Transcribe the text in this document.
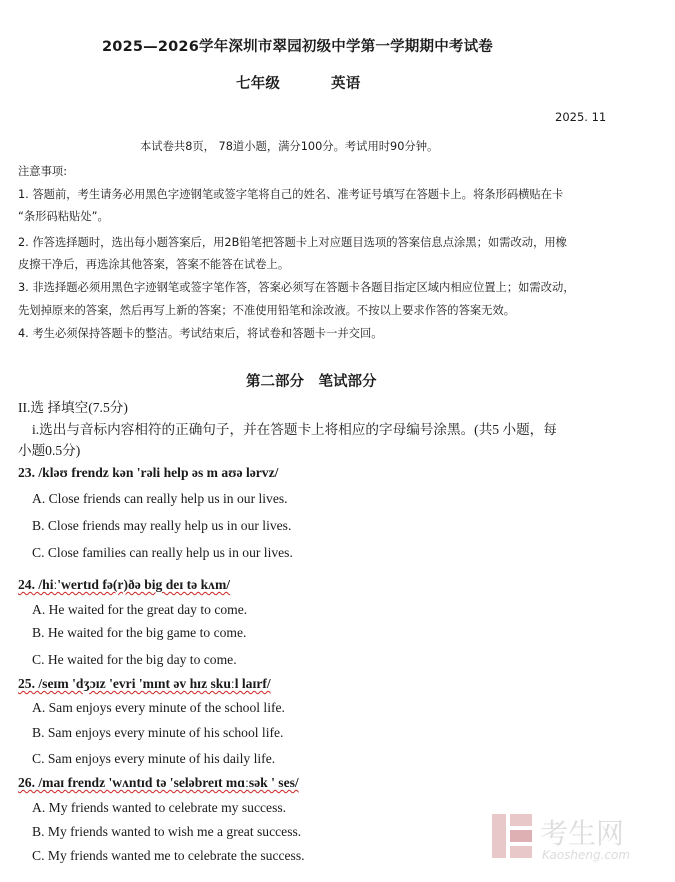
2025—2026学年深圳市翠园初级中学第一学期期中考试卷
七年级	英语
2025. 11
本试卷共8页， 78道小题，满分100分。考试用时90分钟。
注意事项:
1. 答题前，考生请务必用黑色字迹钢笔或签字笔将自己的姓名、准考证号填写在答题卡上。将条形码横贴在卡
“条形码粘贴处”。
2. 作答选择题时，选出每小题答案后，用2B铅笔把答题卡上对应题目选项的答案信息点涂黑；如需改动，用橡
皮擦干净后，再选涂其他答案，答案不能答在试卷上。
3. 非选择题必须用黑色字迹钢笔或签字笔作答，答案必须写在答题卡各题目指定区域内相应位置上；如需改动，
先划掉原来的答案，然后再写上新的答案；不准使用铅笔和涂改液。不按以上要求作答的答案无效。
4. 考生必须保持答题卡的整洁。考试结束后，将试卷和答题卡一并交回。
第二部分　笔试部分
II.选 择填空(7.5分)
i.选出与音标内容相符的正确句子，并在答题卡上将相应的字母编号涂黑。(共5 小题，每
小题0.5分)
23. /kləʊ frendz kən 'rəli help əs m aʊə lərvz/
A. Close friends can really help us in our lives.
B. Close friends may really help us in our lives.
C. Close families can really help us in our lives.
24. /hiː'wertɪd fə(r)ðə big deɪ tə kʌm/
A. He waited for the great day to come.
B. He waited for the big game to come.
C. He waited for the big day to come.
25. /seɪm 'dʒɔɪz 'evri 'mɪnt əv hɪz skuːl laɪrf/
A. Sam enjoys every minute of the school life.
B. Sam enjoys every minute of his school life.
C. Sam enjoys every minute of his daily life.
26. /maɪ frendz 'wʌntɪd tə 'seləbreɪt mɑːsək ' ses/
A. My friends wanted to celebrate my success.
B. My friends wanted to wish me a great success.
C. My friends wanted me to celebrate the success.
考生网
Kaosheng.com
